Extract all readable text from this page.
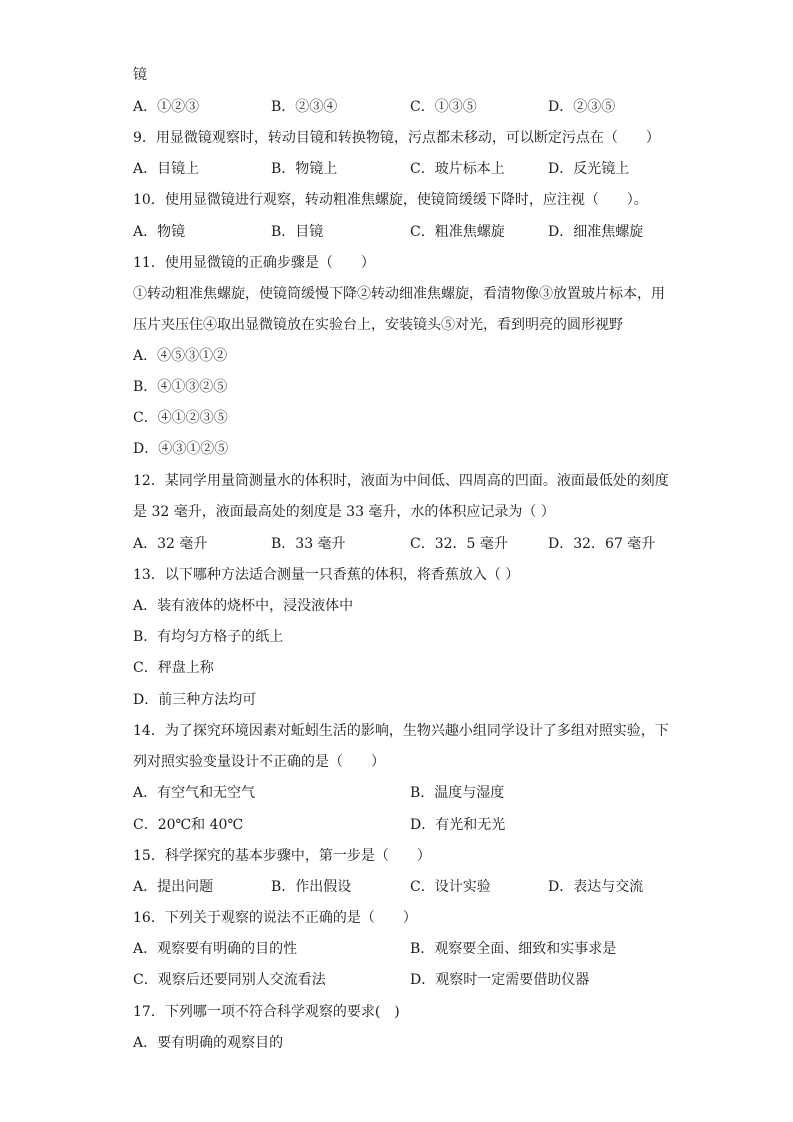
镜
A．①②③	B．②③④	C．①③⑤	D．②③⑤
9．用显微镜观察时，转动目镜和转换物镜，污点都未移动，可以断定污点在（　　）
A．目镜上	B．物镜上	C．玻片标本上	D．反光镜上
10．使用显微镜进行观察，转动粗准焦螺旋，使镜筒缓缓下降时，应注视（　　）。
A．物镜	B．目镜	C．粗准焦螺旋	D．细准焦螺旋
11．使用显微镜的正确步骤是（　　）
①转动粗准焦螺旋，使镜筒缓慢下降②转动细准焦螺旋，看清物像③放置玻片标本，用
压片夹压住④取出显微镜放在实验台上，安装镜头⑤对光，看到明亮的圆形视野
A．④⑤③①②
B．④①③②⑤
C．④①②③⑤
D．④③①②⑤
12．某同学用量筒测量水的体积时，液面为中间低、四周高的凹面。液面最低处的刻度
是 32 毫升，液面最高处的刻度是 33 毫升，水的体积应记录为（ ）
A．32 毫升	B．33 毫升	C．32．5 毫升	D．32．67 毫升
13．以下哪种方法适合测量一只香蕉的体积，将香蕉放入（ ）
A．装有液体的烧杯中，浸没液体中
B．有均匀方格子的纸上
C．秤盘上称
D．前三种方法均可
14．为了探究环境因素对蚯蚓生活的影响，生物兴趣小组同学设计了多组对照实验，下
列对照实验变量设计不正确的是（　　）
A．有空气和无空气	B．温度与湿度
C．20℃和 40℃	D．有光和无光
15．科学探究的基本步骤中，第一步是（　　）
A．提出问题	B．作出假设	C．设计实验	D．表达与交流
16．下列关于观察的说法不正确的是（　　）
A．观察要有明确的目的性	B．观察要全面、细致和实事求是
C．观察后还要同别人交流看法	D．观察时一定需要借助仪器
17．下列哪一项不符合科学观察的要求(　)
A．要有明确的观察目的
